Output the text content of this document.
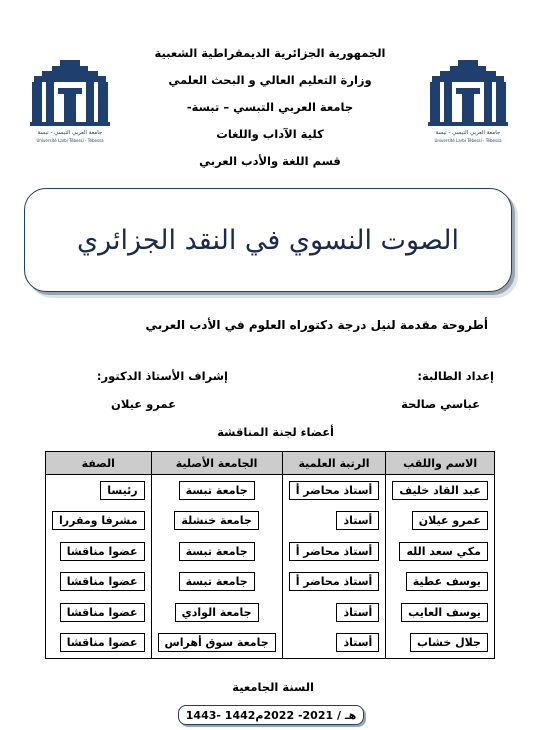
الجمهورية الجزائرية الديمقراطية الشعبية
وزارة التعليم العالي و البحث العلمي
جامعة العربي التبسي – تبسة-
كلية الآداب واللغات
قسم اللغة والأدب العربي
جامعة العربي التبسي - تبسة
Université Larbi Tébessi - Tébessa
جامعة العربي التبسي - تبسة
Université Larbi Tébessi - Tébessa
الصوت النسوي في النقد الجزائري
أطروحة مقدمة لنيل درجة دكتوراه العلوم في الأدب العربي
إعداد الطالبة:
إشراف الأستاذ الدكتور:
عباسي صالحة
عمرو عيلان
أعضاء لجنة المناقشة
الاسم واللقب	الرتبة العلمية	الجامعة الأصلية	الصفة
عبد القاد خليف	أستاذ محاضر أ	جامعة تبسة	رئيسا
عمرو عيلان	أستاذ	جامعة خنشلة	مشرفا ومقررا
مكي سعد الله	أستاذ محاضر أ	جامعة تبسة	عضوا مناقشا
يوسف عطية	أستاذ محاضر أ	جامعة تبسة	عضوا مناقشا
يوسف العايب	أستاذ	جامعة الوادي	عضوا مناقشا
جلال خشاب	أستاذ	جامعة سوق أهراس	عضوا مناقشا
السنة الجامعية
1443- 1442هـ / 2021- 2022م
